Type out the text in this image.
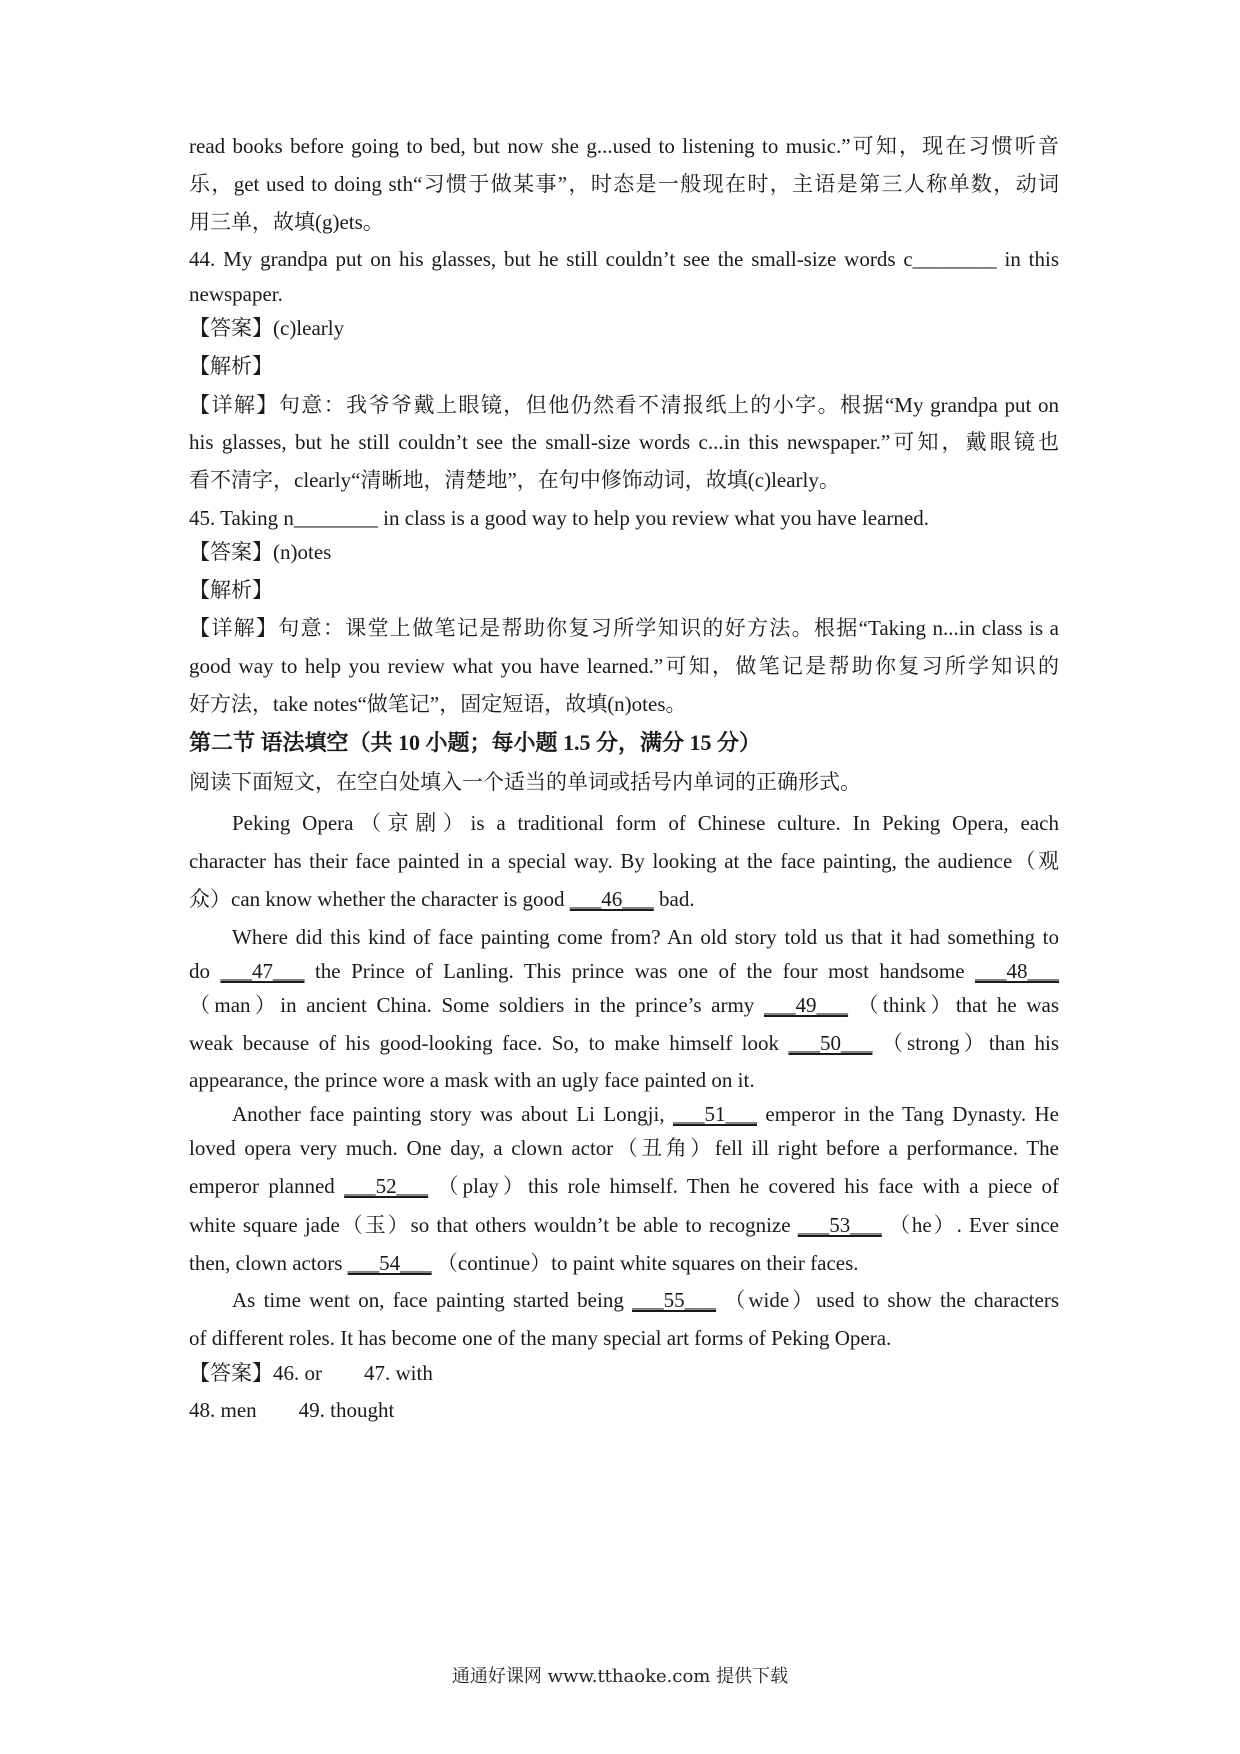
read books before going to bed, but now she g...used to listening to music.”可知，现在习惯听音
乐，get used to doing sth“习惯于做某事”，时态是一般现在时，主语是第三人称单数，动词
用三单，故填(g)ets。
44. My grandpa put on his glasses, but he still couldn’t see the small-size words c________ in this
newspaper.
【答案】(c)learly
【解析】
【详解】句意：我爷爷戴上眼镜，但他仍然看不清报纸上的小字。根据“My grandpa put on
his glasses, but he still couldn’t see the small-size words c...in this newspaper.”可知，戴眼镜也
看不清字，clearly“清晰地，清楚地”，在句中修饰动词，故填(c)learly。
45. Taking n________ in class is a good way to help you review what you have learned.
【答案】(n)otes
【解析】
【详解】句意：课堂上做笔记是帮助你复习所学知识的好方法。根据“Taking n...in class is a
good way to help you review what you have learned.”可知，做笔记是帮助你复习所学知识的
好方法，take notes“做笔记”，固定短语，故填(n)otes。
第二节 语法填空（共 10 小题；每小题 1.5 分，满分 15 分）
阅读下面短文，在空白处填入一个适当的单词或括号内单词的正确形式。
Peking Opera（京剧）is a traditional form of Chinese culture. In Peking Opera, each
character has their face painted in a special way. By looking at the face painting, the audience（观
众）can know whether the character is good ___46___ bad.
Where did this kind of face painting come from? An old story told us that it had something to
do ___47___ the Prince of Lanling. This prince was one of the four most handsome ___48___
（man）in ancient China. Some soldiers in the prince’s army ___49___ （think）that he was
weak because of his good-looking face. So, to make himself look ___50___ （strong）than his
appearance, the prince wore a mask with an ugly face painted on it.
Another face painting story was about Li Longji, ___51___ emperor in the Tang Dynasty. He
loved opera very much. One day, a clown actor（丑角）fell ill right before a performance. The
emperor planned ___52___ （play）this role himself. Then he covered his face with a piece of
white square jade（玉）so that others wouldn’t be able to recognize ___53___ （he）. Ever since
then, clown actors ___54___ （continue）to paint white squares on their faces.
As time went on, face painting started being ___55___ （wide）used to show the characters
of different roles. It has become one of the many special art forms of Peking Opera.
【答案】46. or 47. with
48. men 49. thought
通通好课网 www.tthaoke.com 提供下载
